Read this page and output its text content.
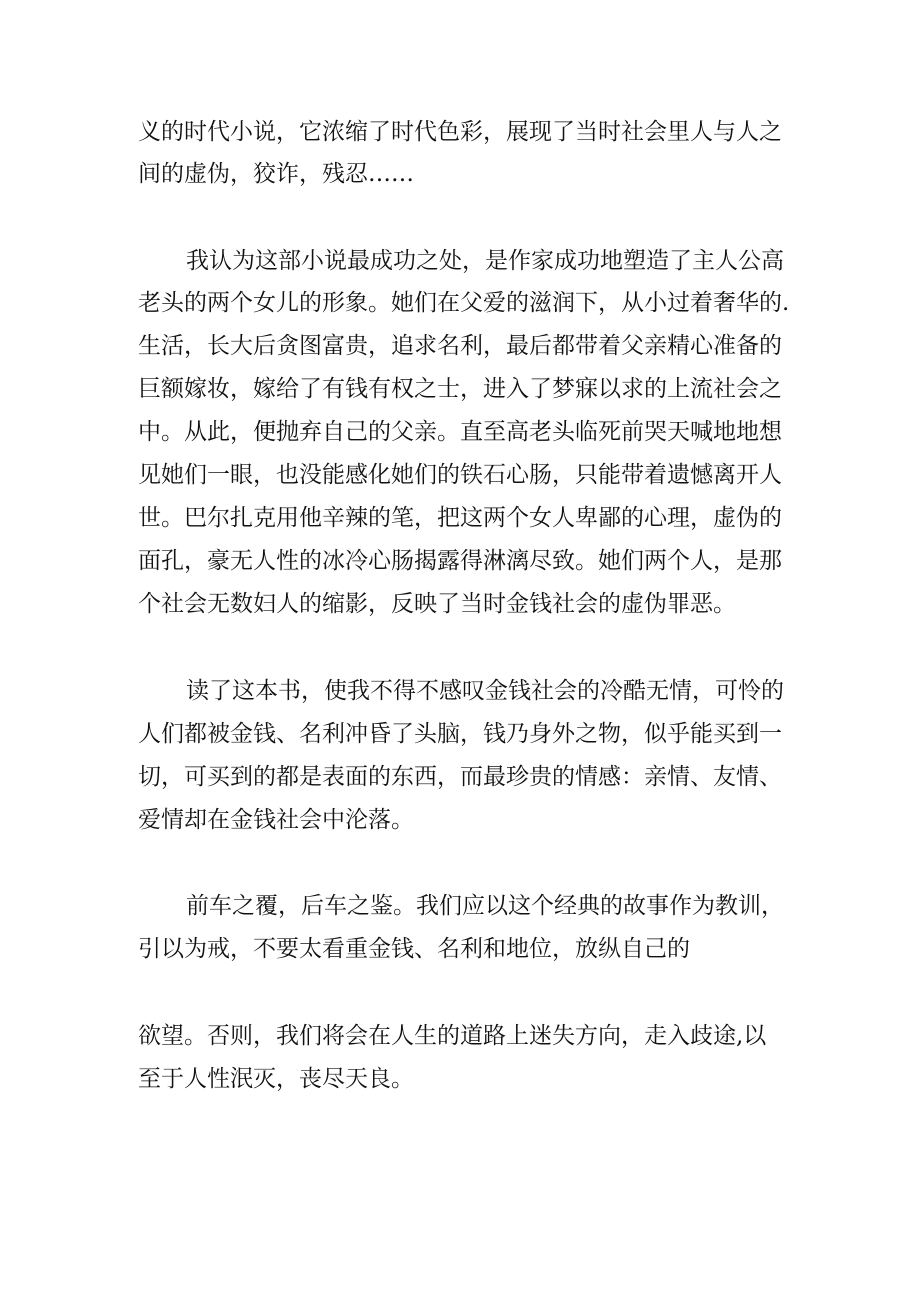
义的时代小说，它浓缩了时代色彩，展现了当时社会里人与人之
间的虚伪，狡诈，残忍……
我认为这部小说最成功之处，是作家成功地塑造了主人公高
老头的两个女儿的形象。她们在父爱的滋润下，从小过着奢华的.
生活，长大后贪图富贵，追求名利，最后都带着父亲精心准备的
巨额嫁妆，嫁给了有钱有权之士，进入了梦寐以求的上流社会之
中。从此，便抛弃自己的父亲。直至高老头临死前哭天喊地地想
见她们一眼，也没能感化她们的铁石心肠，只能带着遗憾离开人
世。巴尔扎克用他辛辣的笔，把这两个女人卑鄙的心理，虚伪的
面孔，豪无人性的冰冷心肠揭露得淋漓尽致。她们两个人，是那
个社会无数妇人的缩影，反映了当时金钱社会的虚伪罪恶。
读了这本书，使我不得不感叹金钱社会的冷酷无情，可怜的
人们都被金钱、名利冲昏了头脑，钱乃身外之物，似乎能买到一
切，可买到的都是表面的东西，而最珍贵的情感：亲情、友情、
爱情却在金钱社会中沦落。
前车之覆，后车之鉴。我们应以这个经典的故事作为教训，
引以为戒，不要太看重金钱、名利和地位，放纵自己的
欲望。否则，我们将会在人生的道路上迷失方向，走入歧途,以
至于人性泯灭，丧尽天良。
